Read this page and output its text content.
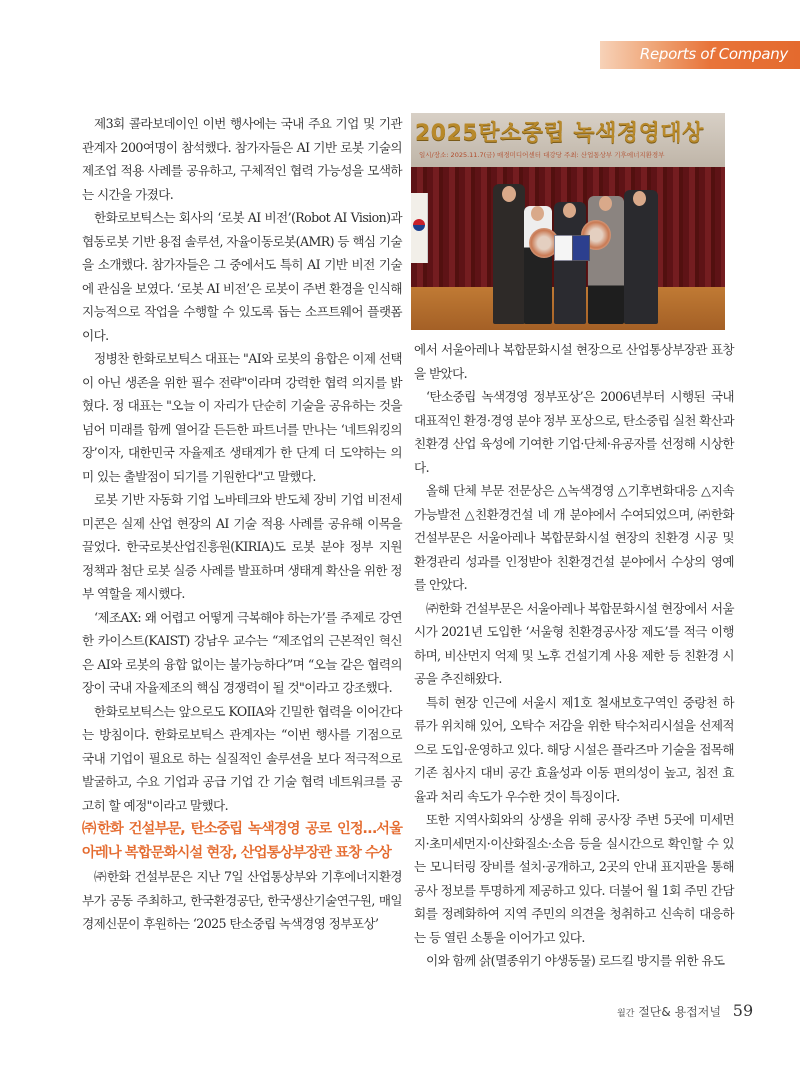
Reports of Company

제3회 콜라보데이인 이번 행사에는 국내 주요 기업 및 기관 관계자 200여명이 참석했다. 참가자들은 AI 기반 로봇 기술의 제조업 적용 사례를 공유하고, 구체적인 협력 가능성을 모색하는 시간을 가졌다.

한화로보틱스는 회사의 ‘로봇 AI 비전’(Robot AI Vision)과 협동로봇 기반 용접 솔루션, 자율이동로봇(AMR) 등 핵심 기술을 소개했다. 참가자들은 그 중에서도 특히 AI 기반 비전 기술에 관심을 보였다. ‘로봇 AI 비전’은 로봇이 주변 환경을 인식해 지능적으로 작업을 수행할 수 있도록 돕는 소프트웨어 플랫폼이다.

정병찬 한화로보틱스 대표는 "AI와 로봇의 융합은 이제 선택이 아닌 생존을 위한 필수 전략"이라며 강력한 협력 의지를 밝혔다. 정 대표는 "오늘 이 자리가 단순히 기술을 공유하는 것을 넘어 미래를 함께 열어갈 든든한 파트너를 만나는 ‘네트워킹의 장’이자, 대한민국 자율제조 생태계가 한 단계 더 도약하는 의미 있는 출발점이 되기를 기원한다"고 말했다.

로봇 기반 자동화 기업 노바테크와 반도체 장비 기업 비전세미콘은 실제 산업 현장의 AI 기술 적용 사례를 공유해 이목을 끌었다. 한국로봇산업진흥원(KIRIA)도 로봇 분야 정부 지원 정책과 첨단 로봇 실증 사례를 발표하며 생태계 확산을 위한 정부 역할을 제시했다.

‘제조AX: 왜 어렵고 어떻게 극복해야 하는가’를 주제로 강연한 카이스트(KAIST) 강남우 교수는 “제조업의 근본적인 혁신은 AI와 로봇의 융합 없이는 불가능하다”며 “오늘 같은 협력의 장이 국내 자율제조의 핵심 경쟁력이 될 것"이라고 강조했다.

한화로보틱스는 앞으로도 KOIIA와 긴밀한 협력을 이어간다는 방침이다. 한화로보틱스 관계자는 “이번 행사를 기점으로 국내 기업이 필요로 하는 실질적인 솔루션을 보다 적극적으로 발굴하고, 수요 기업과 공급 기업 간 기술 협력 네트워크를 공고히 할 예정"이라고 말했다.

㈜한화 건설부문, 탄소중립 녹색경영 공로 인정…서울아레나 복합문화시설 현장, 산업통상부장관 표창 수상

㈜한화 건설부문은 지난 7일 산업통상부와 기후에너지환경부가 공동 주최하고, 한국환경공단, 한국생산기술연구원, 매일경제신문이 후원하는 ‘2025 탄소중립 녹색경영 정부포상’

2025탄소중립 녹색경영대상
일시/장소: 2025.11.7(금) 매경미디어센터 대강당 주최: 산업통상부 기후에너지환경부

에서 서울아레나 복합문화시설 현장으로 산업통상부장관 표창을 받았다.

‘탄소중립 녹색경영 정부포상’은 2006년부터 시행된 국내 대표적인 환경·경영 분야 정부 포상으로, 탄소중립 실천 확산과 친환경 산업 육성에 기여한 기업·단체·유공자를 선정해 시상한다.

올해 단체 부문 전문상은 △녹색경영 △기후변화대응 △지속가능발전 △친환경건설 네 개 분야에서 수여되었으며, ㈜한화 건설부문은 서울아레나 복합문화시설 현장의 친환경 시공 및 환경관리 성과를 인정받아 친환경건설 분야에서 수상의 영예를 안았다.

㈜한화 건설부문은 서울아레나 복합문화시설 현장에서 서울시가 2021년 도입한 ‘서울형 친환경공사장 제도’를 적극 이행하며, 비산먼지 억제 및 노후 건설기계 사용 제한 등 친환경 시공을 추진해왔다.

특히 현장 인근에 서울시 제1호 철새보호구역인 중랑천 하류가 위치해 있어, 오탁수 저감을 위한 탁수처리시설을 선제적으로 도입·운영하고 있다. 해당 시설은 플라즈마 기술을 접목해 기존 침사지 대비 공간 효율성과 이동 편의성이 높고, 침전 효율과 처리 속도가 우수한 것이 특징이다.

또한 지역사회와의 상생을 위해 공사장 주변 5곳에 미세먼지·초미세먼지·이산화질소·소음 등을 실시간으로 확인할 수 있는 모니터링 장비를 설치·공개하고, 2곳의 안내 표지판을 통해 공사 정보를 투명하게 제공하고 있다. 더불어 월 1회 주민 간담회를 정례화하여 지역 주민의 의견을 청취하고 신속히 대응하는 등 열린 소통을 이어가고 있다.

이와 함께 삵(멸종위기 야생동물) 로드킬 방지를 위한 유도

월간 절단& 용접저널 59
